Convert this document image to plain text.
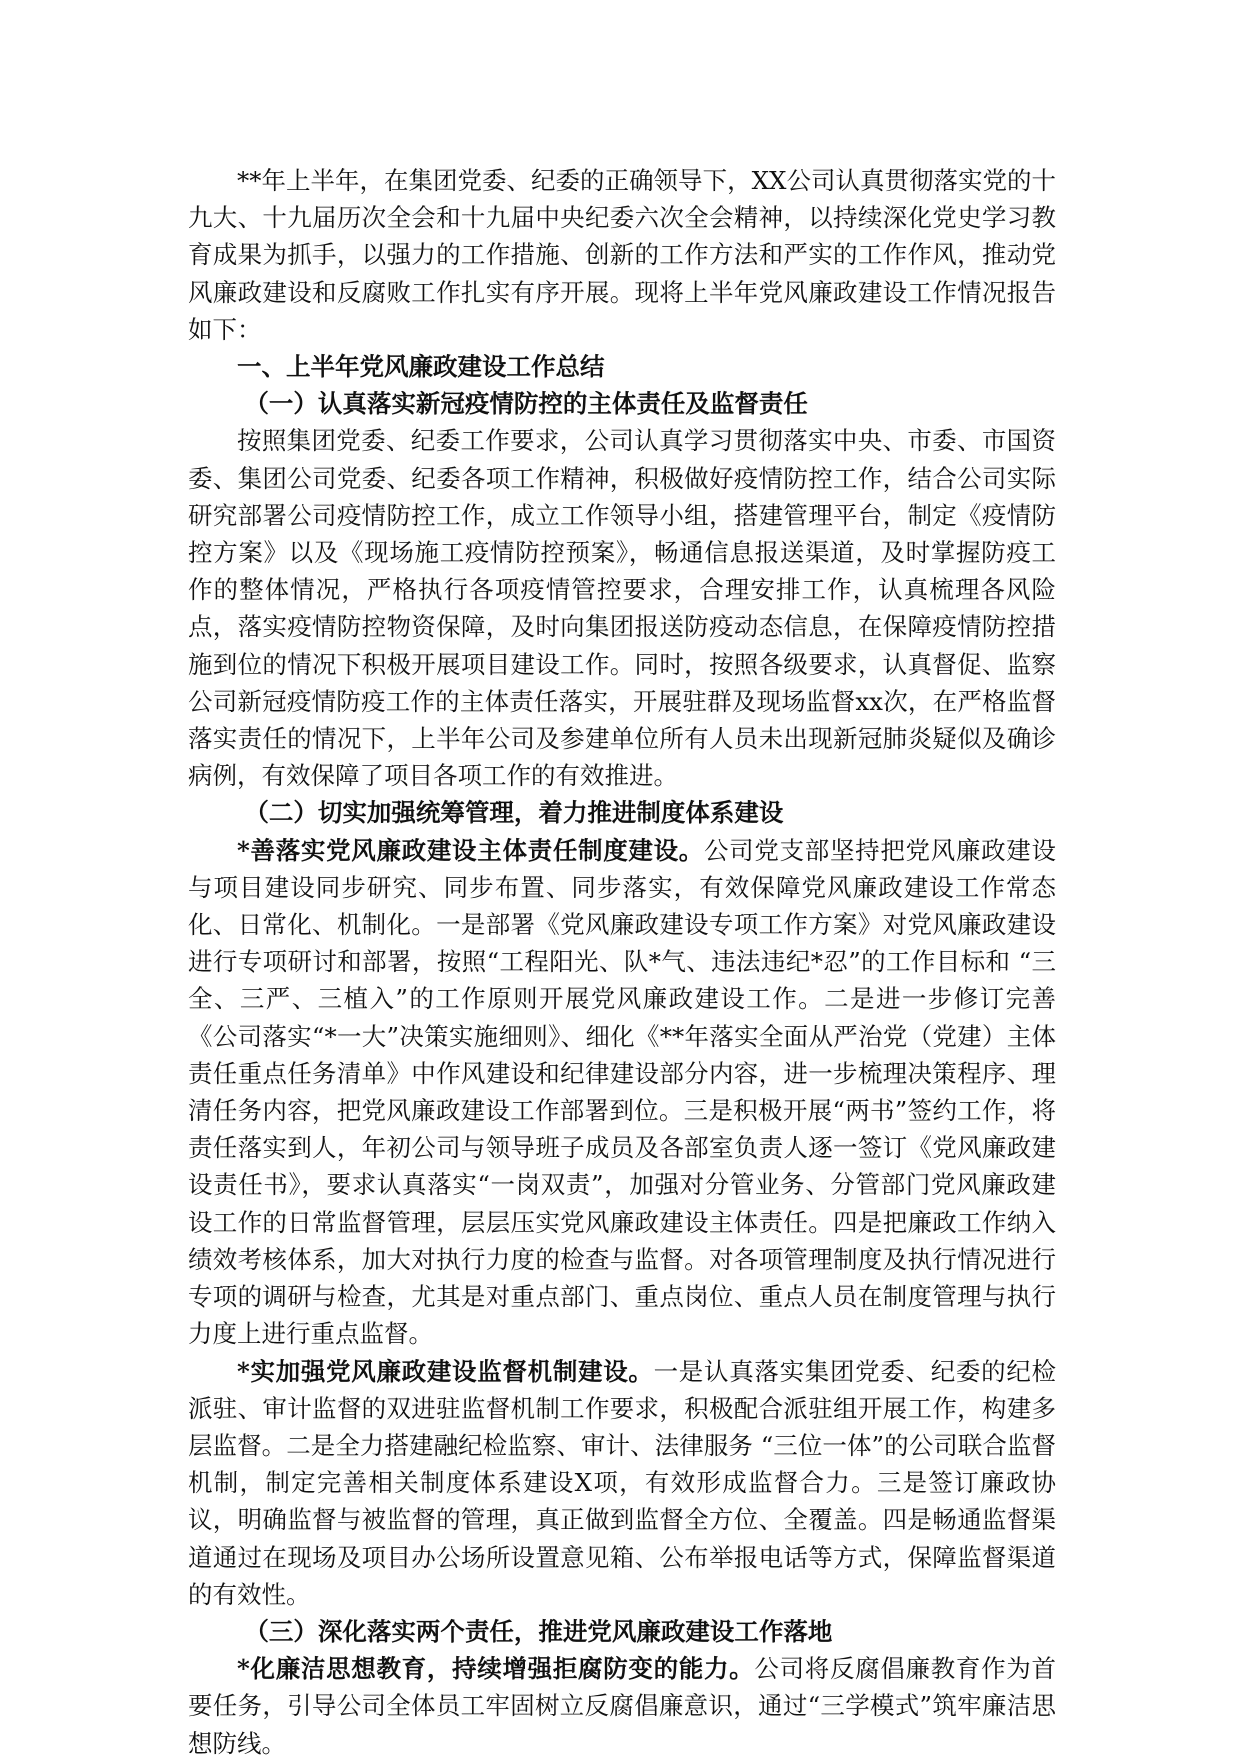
**年上半年，在集团党委、纪委的正确领导下，XX公司认真贯彻落实党的十九大、十九届历次全会和十九届中央纪委六次全会精神，以持续深化党史学习教育成果为抓手，以强力的工作措施、创新的工作方法和严实的工作作风，推动党风廉政建设和反腐败工作扎实有序开展。现将上半年党风廉政建设工作情况报告如下：

一、上半年党风廉政建设工作总结
（一）认真落实新冠疫情防控的主体责任及监督责任

按照集团党委、纪委工作要求，公司认真学习贯彻落实中央、市委、市国资委、集团公司党委、纪委各项工作精神，积极做好疫情防控工作，结合公司实际研究部署公司疫情防控工作，成立工作领导小组，搭建管理平台，制定《疫情防控方案》以及《现场施工疫情防控预案》，畅通信息报送渠道，及时掌握防疫工作的整体情况，严格执行各项疫情管控要求，合理安排工作，认真梳理各风险点，落实疫情防控物资保障，及时向集团报送防疫动态信息，在保障疫情防控措施到位的情况下积极开展项目建设工作。同时，按照各级要求，认真督促、监察公司新冠疫情防疫工作的主体责任落实，开展驻群及现场监督xx次，在严格监督落实责任的情况下，上半年公司及参建单位所有人员未出现新冠肺炎疑似及确诊病例，有效保障了项目各项工作的有效推进。

（二）切实加强统筹管理，着力推进制度体系建设

*善落实党风廉政建设主体责任制度建设。公司党支部坚持把党风廉政建设与项目建设同步研究、同步布置、同步落实，有效保障党风廉政建设工作常态化、日常化、机制化。一是部署《党风廉政建设专项工作方案》对党风廉政建设进行专项研讨和部署，按照“工程阳光、队*气、违法违纪*忍”的工作目标和 “三全、三严、三植入”的工作原则开展党风廉政建设工作。二是进一步修订完善《公司落实“*一大”决策实施细则》、细化《**年落实全面从严治党（党建）主体责任重点任务清单》中作风建设和纪律建设部分内容，进一步梳理决策程序、理清任务内容，把党风廉政建设工作部署到位。三是积极开展“两书”签约工作，将责任落实到人，年初公司与领导班子成员及各部室负责人逐一签订《党风廉政建设责任书》，要求认真落实“一岗双责”，加强对分管业务、分管部门党风廉政建设工作的日常监督管理，层层压实党风廉政建设主体责任。四是把廉政工作纳入绩效考核体系，加大对执行力度的检查与监督。对各项管理制度及执行情况进行专项的调研与检查，尤其是对重点部门、重点岗位、重点人员在制度管理与执行力度上进行重点监督。

*实加强党风廉政建设监督机制建设。一是认真落实集团党委、纪委的纪检派驻、审计监督的双进驻监督机制工作要求，积极配合派驻组开展工作，构建多层监督。二是全力搭建融纪检监察、审计、法律服务 “三位一体”的公司联合监督机制，制定完善相关制度体系建设X项，有效形成监督合力。三是签订廉政协议，明确监督与被监督的管理，真正做到监督全方位、全覆盖。四是畅通监督渠道通过在现场及项目办公场所设置意见箱、公布举报电话等方式，保障监督渠道的有效性。

（三）深化落实两个责任，推进党风廉政建设工作落地

*化廉洁思想教育，持续增强拒腐防变的能力。公司将反腐倡廉教育作为首要任务，引导公司全体员工牢固树立反腐倡廉意识，通过“三学模式”筑牢廉洁思想防线。
